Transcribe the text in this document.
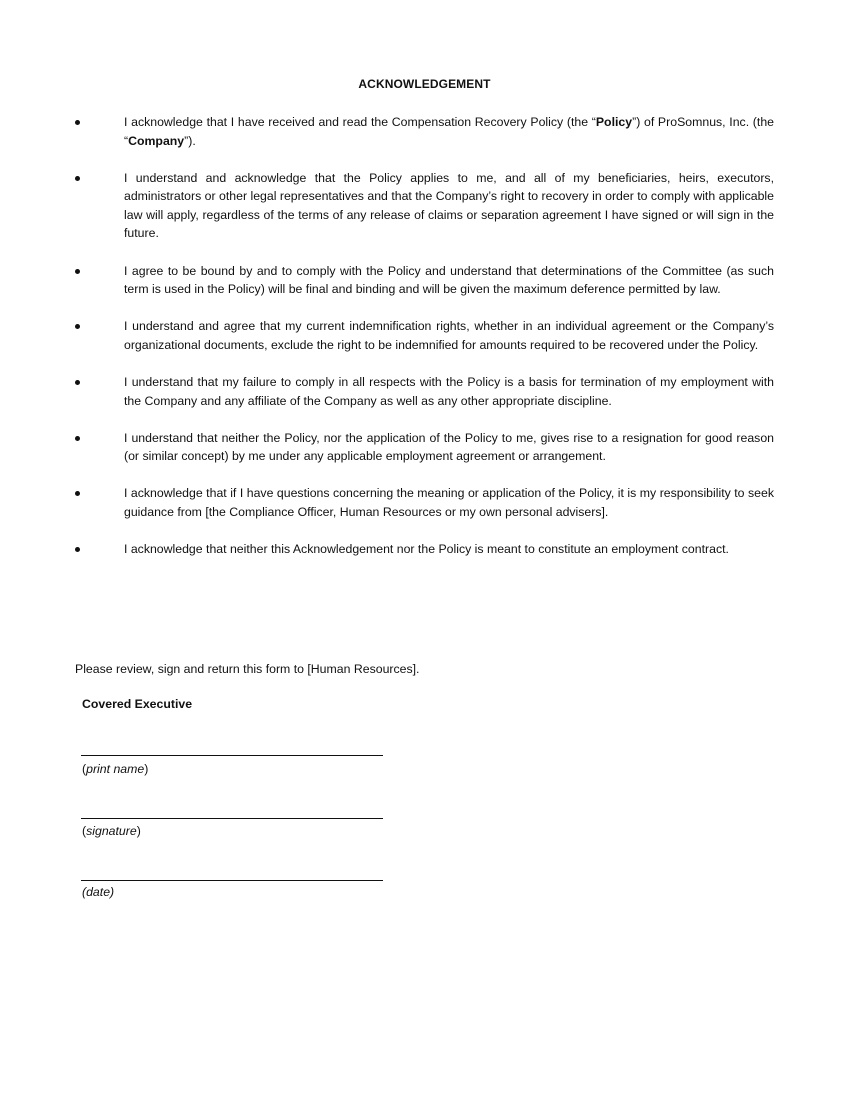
ACKNOWLEDGEMENT
I acknowledge that I have received and read the Compensation Recovery Policy (the “Policy”) of ProSomnus, Inc. (the “Company”).
I understand and acknowledge that the Policy applies to me, and all of my beneficiaries, heirs, executors, administrators or other legal representatives and that the Company’s right to recovery in order to comply with applicable law will apply, regardless of the terms of any release of claims or separation agreement I have signed or will sign in the future.
I agree to be bound by and to comply with the Policy and understand that determinations of the Committee (as such term is used in the Policy) will be final and binding and will be given the maximum deference permitted by law.
I understand and agree that my current indemnification rights, whether in an individual agreement or the Company’s organizational documents, exclude the right to be indemnified for amounts required to be recovered under the Policy.
I understand that my failure to comply in all respects with the Policy is a basis for termination of my employment with the Company and any affiliate of the Company as well as any other appropriate discipline.
I understand that neither the Policy, nor the application of the Policy to me, gives rise to a resignation for good reason (or similar concept) by me under any applicable employment agreement or arrangement.
I acknowledge that if I have questions concerning the meaning or application of the Policy, it is my responsibility to seek guidance from [the Compliance Officer, Human Resources or my own personal advisers].
I acknowledge that neither this Acknowledgement nor the Policy is meant to constitute an employment contract.
Please review, sign and return this form to [Human Resources].
Covered Executive
(print name)
(signature)
(date)
